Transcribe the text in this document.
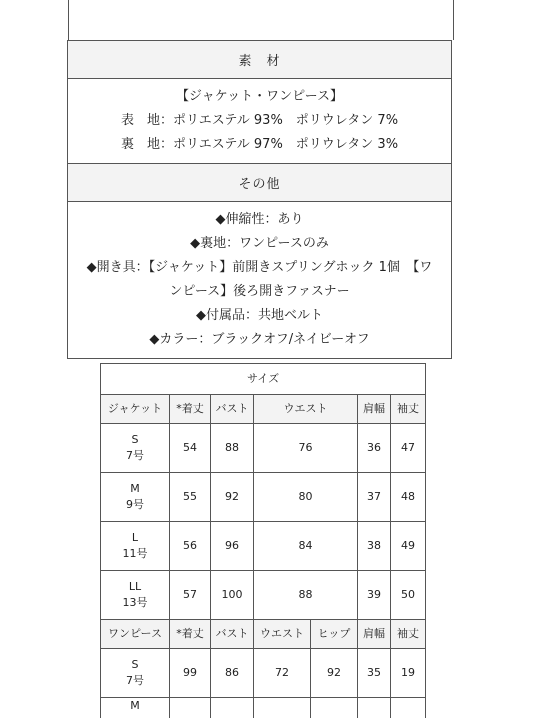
素　材

【ジャケット・ワンピース】
表　地：ポリエステル 93%　ポリウレタン 7%
裏　地：ポリエステル 97%　ポリウレタン 3%

その他

◆伸縮性：あり
◆裏地：ワンピースのみ
◆開き具：【ジャケット】前開きスプリングホック 1個　【ワ
ンピース】後ろ開きファスナー
◆付属品：共地ベルト
◆カラー：ブラックオフ/ネイビーオフ
サイズ						
ジャケット	*着丈	バスト	ウエスト		肩幅	袖丈

S
7号	54	88	76		36	47

M
9号	55	92	80		37	48

L
11号	56	96	84		38	49

LL
13号	57	100	88		39	50
ワンピース	*着丈	バスト	ウエスト	ヒップ	肩幅	袖丈

S
7号	99	86	72	92	35	19
M						
